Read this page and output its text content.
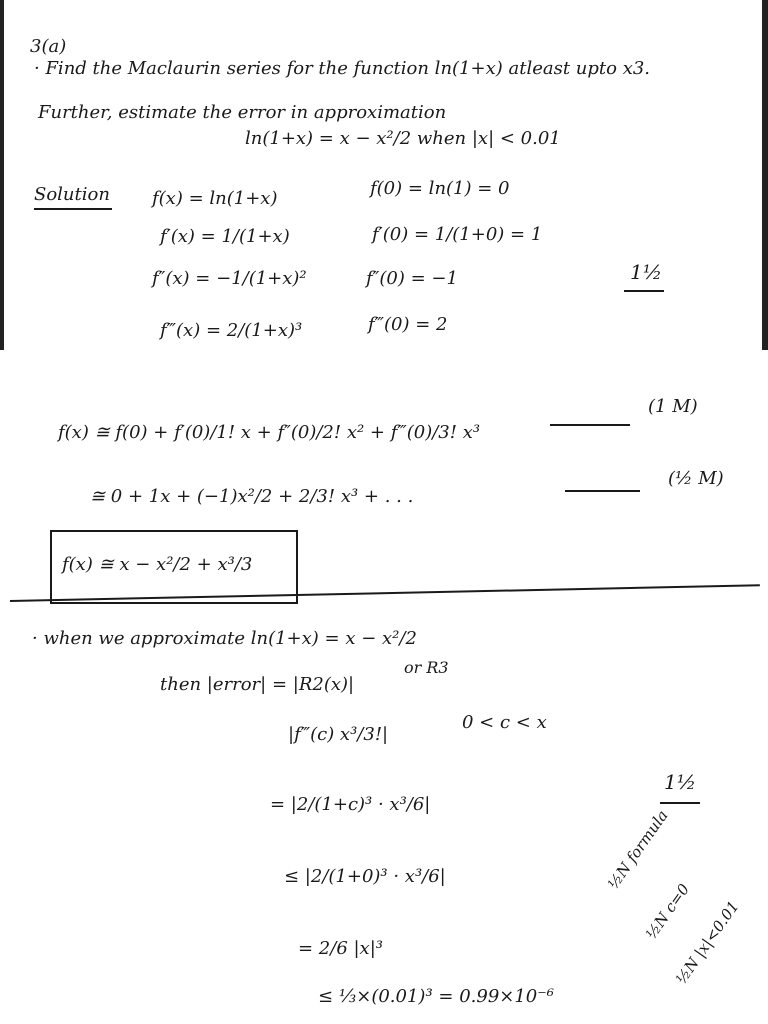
3(a)
· Find the Maclaurin series for the function ln(1+x) atleast upto x3.
Further, estimate the error in approximation
ln(1+x) = x − x²/2 when |x| < 0.01
Solution f(x) = ln(1+x)
f′(x) = 1/(1+x)
f″(x) = −1/(1+x)²
f‴(x) = 2/(1+x)³
f(0) = ln(1) = 0
f′(0) = 1/(1+0) = 1
f″(0) = −1
f‴(0) = 2
1½
f(x) ≅ f(0) + f′(0)/1! x + f″(0)/2! x² + f‴(0)/3! x³
(1 M)
≅ 0 + 1x + (−1)x²/2 + 2/3! x³ + . . .
(½ M)
f(x) ≅ x − x²/2 + x³/3
· when we approximate ln(1+x) = x − x²/2
then |error| = |R2(x)|
or R3
|f‴(c) x³/3!|
0 < c < x
= |2/(1+c)³ · x³/6|
1½
≤ |2/(1+0)³ · x³/6|
= 2/6 |x|³
≤ ⅓×(0.01)³ = 0.99×10⁻⁶
½N formula
½N c=0
½N |x|<0.01
